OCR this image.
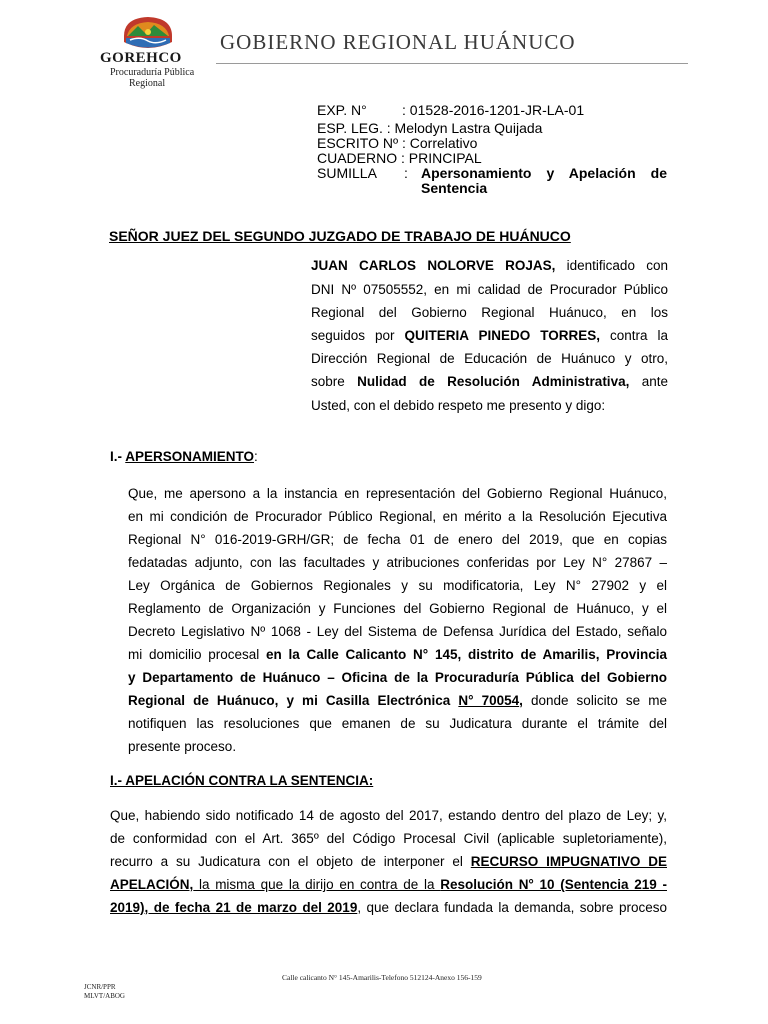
GOREHCO
Procuraduría Pública
Regional
GOBIERNO REGIONAL HUÁNUCO
EXP. N°	: 01528-2016-1201-JR-LA-01
ESP. LEG. : Melodyn Lastra Quijada
ESCRITO Nº : Correlativo
CUADERNO : PRINCIPAL
SUMILLA : Apersonamiento y Apelación de
Sentencia
SEÑOR JUEZ DEL SEGUNDO JUZGADO DE TRABAJO DE HUÁNUCO
JUAN CARLOS NOLORVE ROJAS, identificado con
DNI Nº 07505552, en mi calidad de Procurador Público
Regional del Gobierno Regional Huánuco, en los
seguidos por QUITERIA PINEDO TORRES, contra la
Dirección Regional de Educación de Huánuco y otro,
sobre Nulidad de Resolución Administrativa, ante
Usted, con el debido respeto me presento y digo:
I.- APERSONAMIENTO:
Que, me apersono a la instancia en representación del Gobierno Regional Huánuco,
en mi condición de Procurador Público Regional, en mérito a la Resolución Ejecutiva
Regional N° 016-2019-GRH/GR; de fecha 01 de enero del 2019, que en copias
fedatadas adjunto, con las facultades y atribuciones conferidas por Ley N° 27867 –
Ley Orgánica de Gobiernos Regionales y su modificatoria, Ley N° 27902 y el
Reglamento de Organización y Funciones del Gobierno Regional de Huánuco, y el
Decreto Legislativo Nº 1068 - Ley del Sistema de Defensa Jurídica del Estado, señalo
mi domicilio procesal en la Calle Calicanto N° 145, distrito de Amarilis, Provincia
y Departamento de Huánuco – Oficina de la Procuraduría Pública del Gobierno
Regional de Huánuco, y mi Casilla Electrónica N° 70054, donde solicito se me
notifiquen las resoluciones que emanen de su Judicatura durante el trámite del
presente proceso.
I.- APELACIÓN CONTRA LA SENTENCIA:
Que, habiendo sido notificado 14 de agosto del 2017, estando dentro del plazo de Ley; y,
de conformidad con el Art. 365º del Código Procesal Civil (aplicable supletoriamente),
recurro a su Judicatura con el objeto de interponer el RECURSO IMPUGNATIVO DE
APELACIÓN, la misma que la dirijo en contra de la Resolución N° 10 (Sentencia 219 -
2019), de fecha 21 de marzo del 2019, que declara fundada la demanda, sobre proceso
Calle calicanto N° 145-Amarilis-Telefono 512124-Anexo 156-159
JCNR/PPR
MLVT/ABOG
